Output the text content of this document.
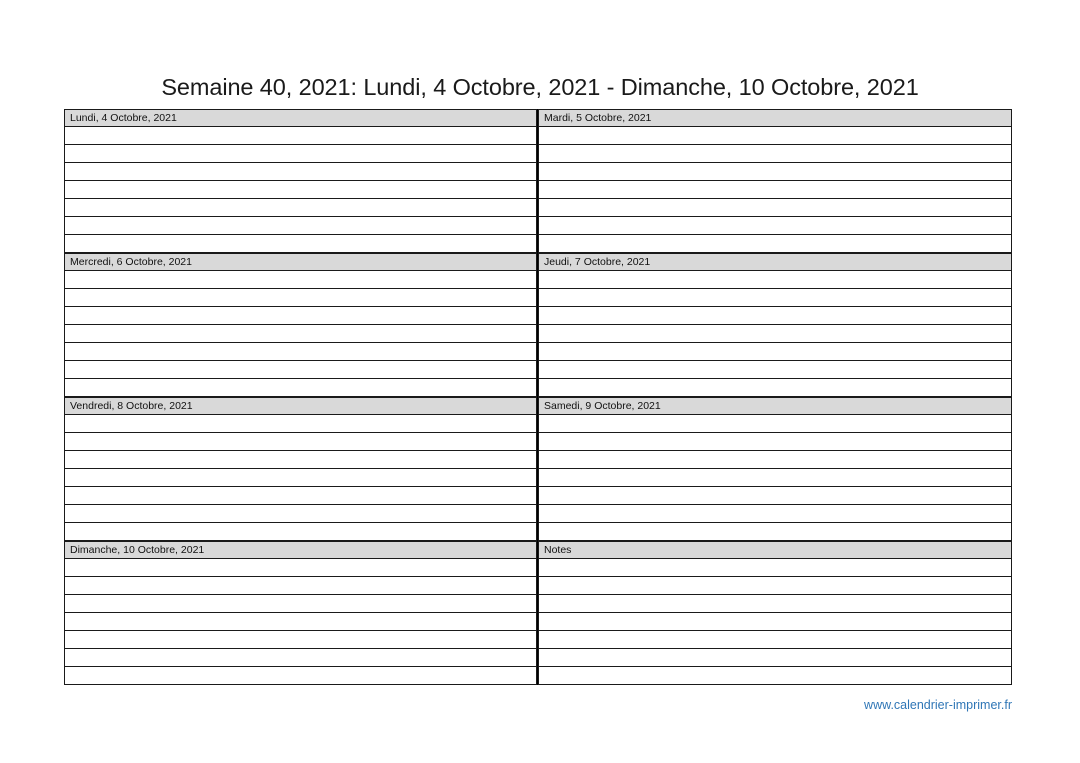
Semaine 40, 2021: Lundi, 4 Octobre, 2021 - Dimanche, 10 Octobre, 2021
Lundi, 4 Octobre, 2021	Mardi, 5 Octobre, 2021
Mercredi, 6 Octobre, 2021	Jeudi, 7 Octobre, 2021
Vendredi, 8 Octobre, 2021	Samedi, 9 Octobre, 2021
Dimanche, 10 Octobre, 2021	Notes
www.calendrier-imprimer.fr
